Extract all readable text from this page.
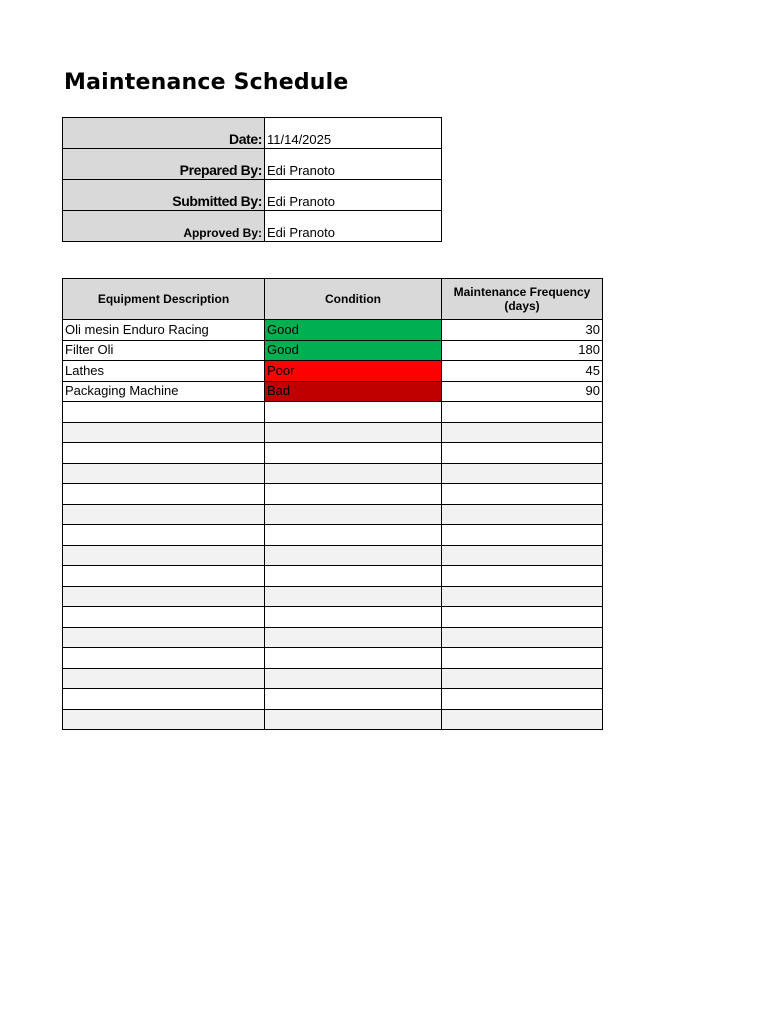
Maintenance Schedule
Date:	11/14/2025
Prepared By:	Edi Pranoto
Submitted By:	Edi Pranoto
Approved By:	Edi Pranoto
Equipment Description	Condition	Maintenance Frequency (days)
Oli mesin Enduro Racing	Good	30
Filter Oli	Good	180
Lathes	Poor	45
Packaging Machine	Bad	90
